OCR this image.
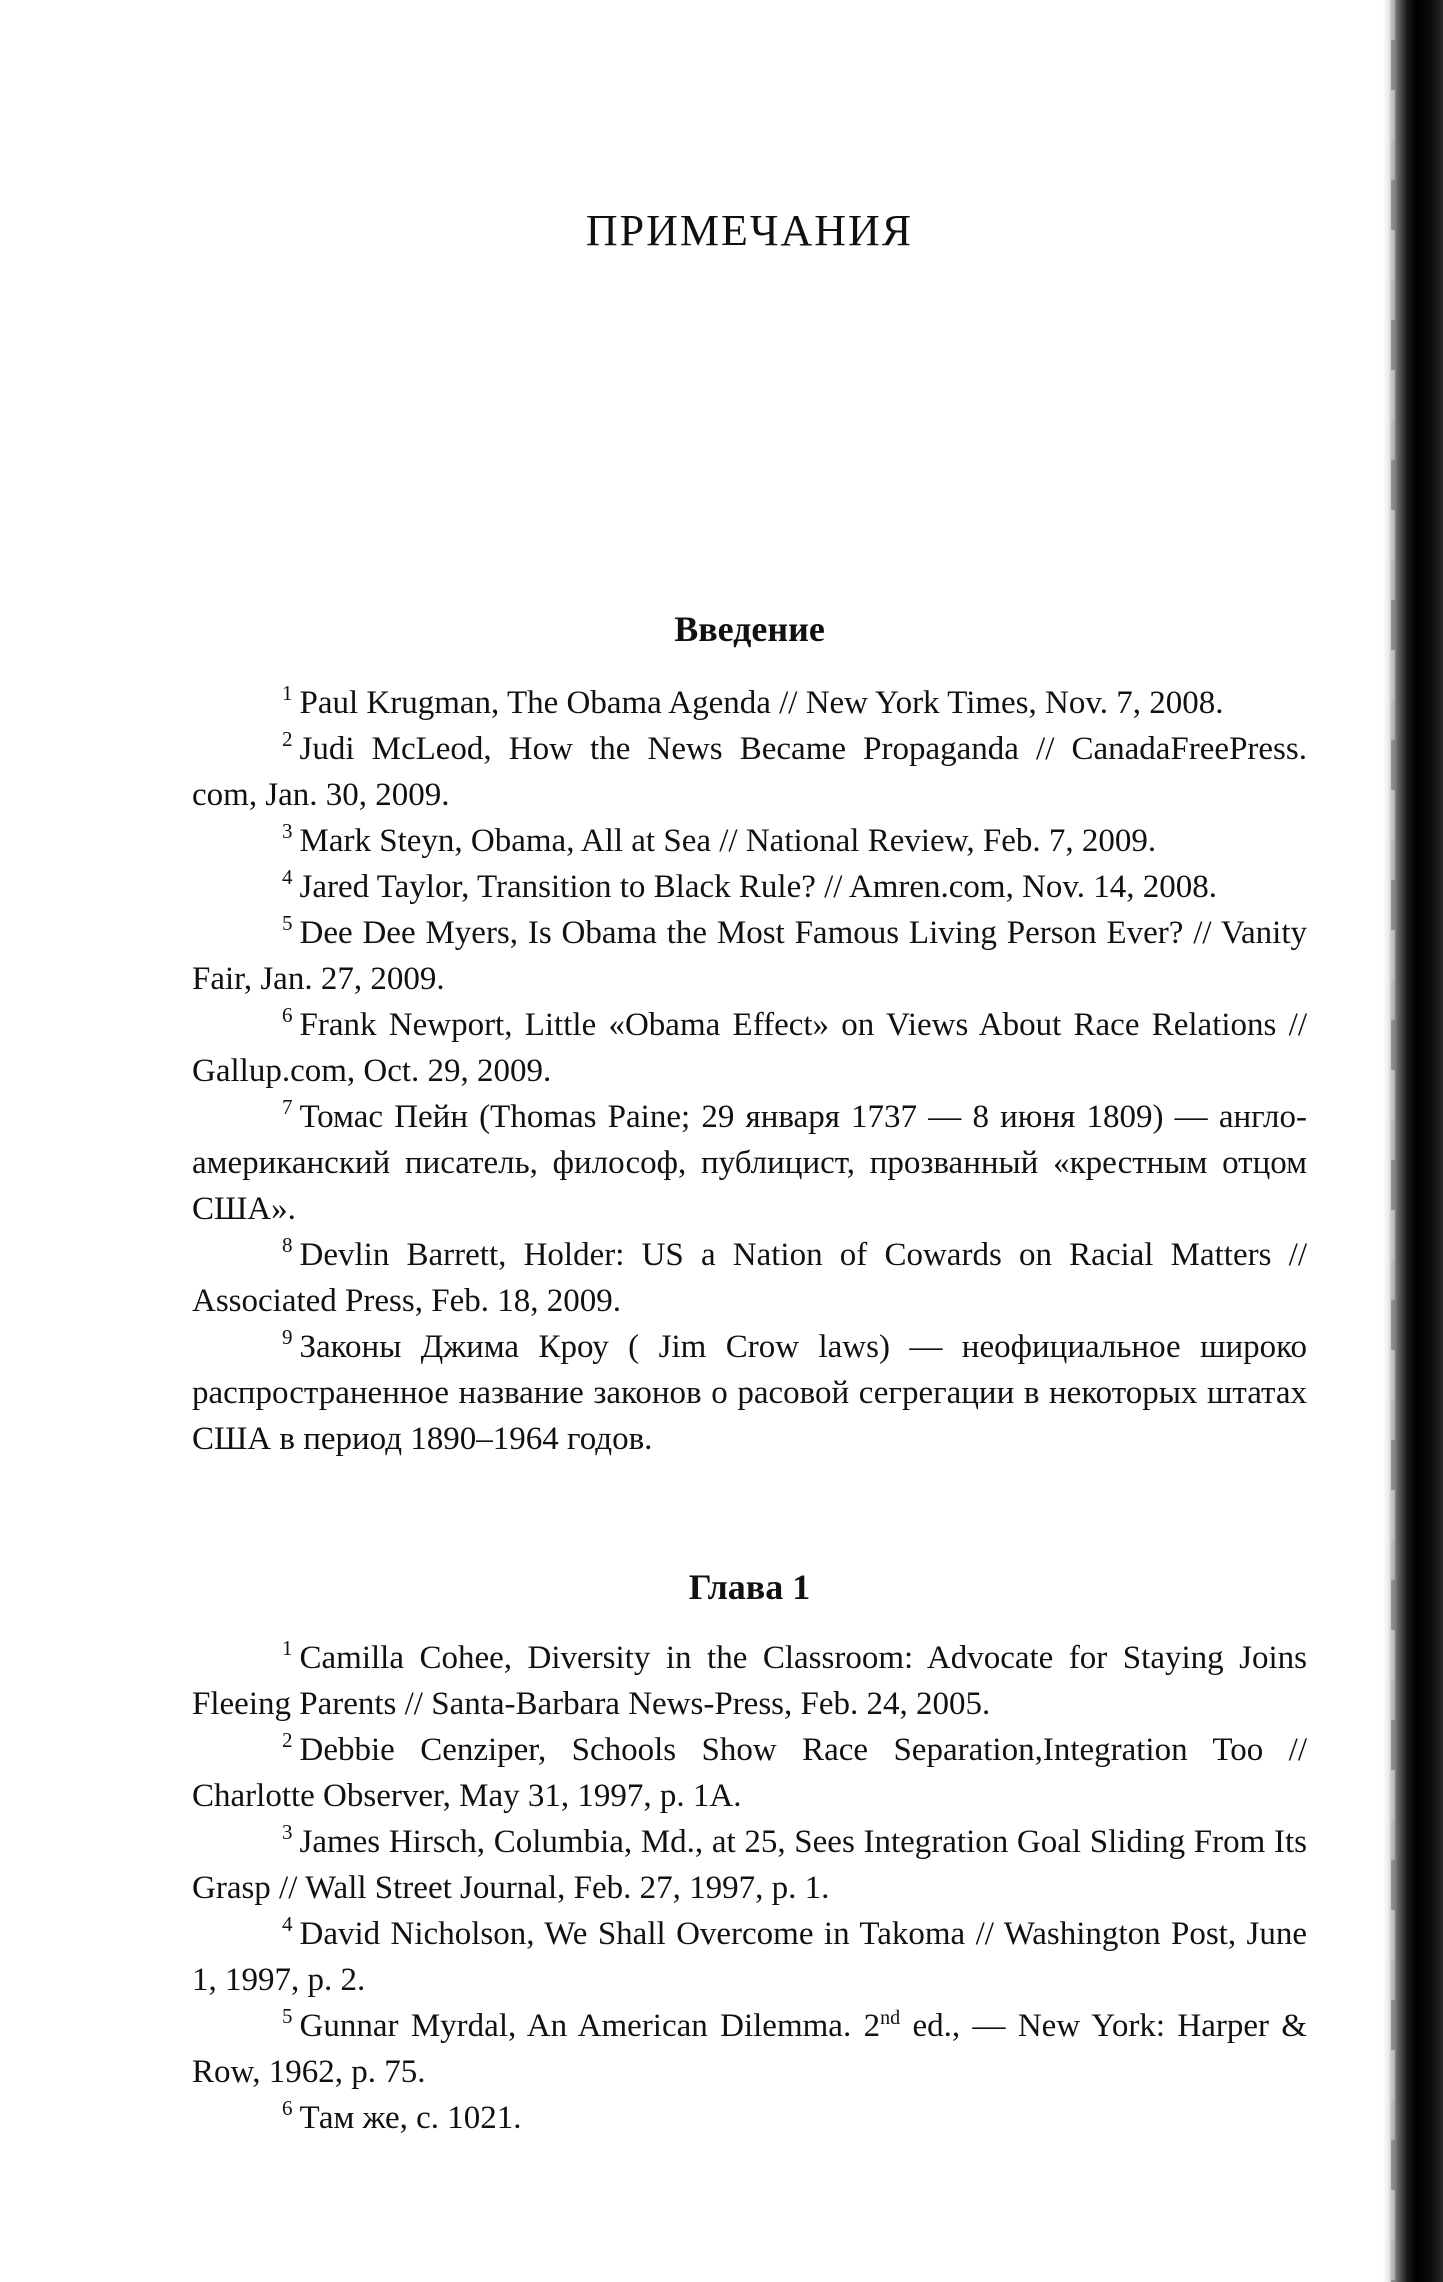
ПРИМЕЧАНИЯ
Введение

$^1$ Paul Krugman, The Obama Agenda // New York Times, Nov. 7, 2008.

$^2$ Judi McLeod, How the News Became Propaganda // CanadaFreePress. com, Jan. 30, 2009.

$^3$ Mark Steyn, Obama, All at Sea // National Review, Feb. 7, 2009.

$^4$ Jared Taylor, Transition to Black Rule? // Amren.com, Nov. 14, 2008.

$^5$ Dee Dee Myers, Is Obama the Most Famous Living Person Ever? // Vanity Fair, Jan. 27, 2009.

$^6$ Frank Newport, Little «Obama Effect» on Views About Race Relations // Gallup.com, Oct. 29, 2009.

$^7$ Томас Пейн (Thomas Paine; 29 января 1737 — 8 июня 1809) — англо-американский писатель, философ, публицист, прозванный «крестным отцом США».

$^8$ Devlin Barrett, Holder: US a Nation of Cowards on Racial Matters // Associated Press, Feb. 18, 2009.

$^9$ Законы Джима Кроу ( Jim Crow laws) — неофициальное широко распространенное название законов о расовой сегрегации в некоторых штатах США в период 1890–1964 годов.

Глава 1

$^1$ Camilla Cohee, Diversity in the Classroom: Advocate for Staying Joins Fleeing Parents // Santa-Barbara News-Press, Feb. 24, 2005.

$^2$ Debbie Cenziper, Schools Show Race Separation,Integration Too // Charlotte Observer, May 31, 1997, p. 1A.

$^3$ James Hirsch, Columbia, Md., at 25, Sees Integration Goal Sliding From Its Grasp // Wall Street Journal, Feb. 27, 1997, p. 1.

$^4$ David Nicholson, We Shall Overcome in Takoma // Washington Post, June 1, 1997, p. 2.

$^5$ Gunnar Myrdal, An American Dilemma. 2nd ed., — New York: Harper & Row, 1962, p. 75.

$^6$ Там же, с. 1021.
